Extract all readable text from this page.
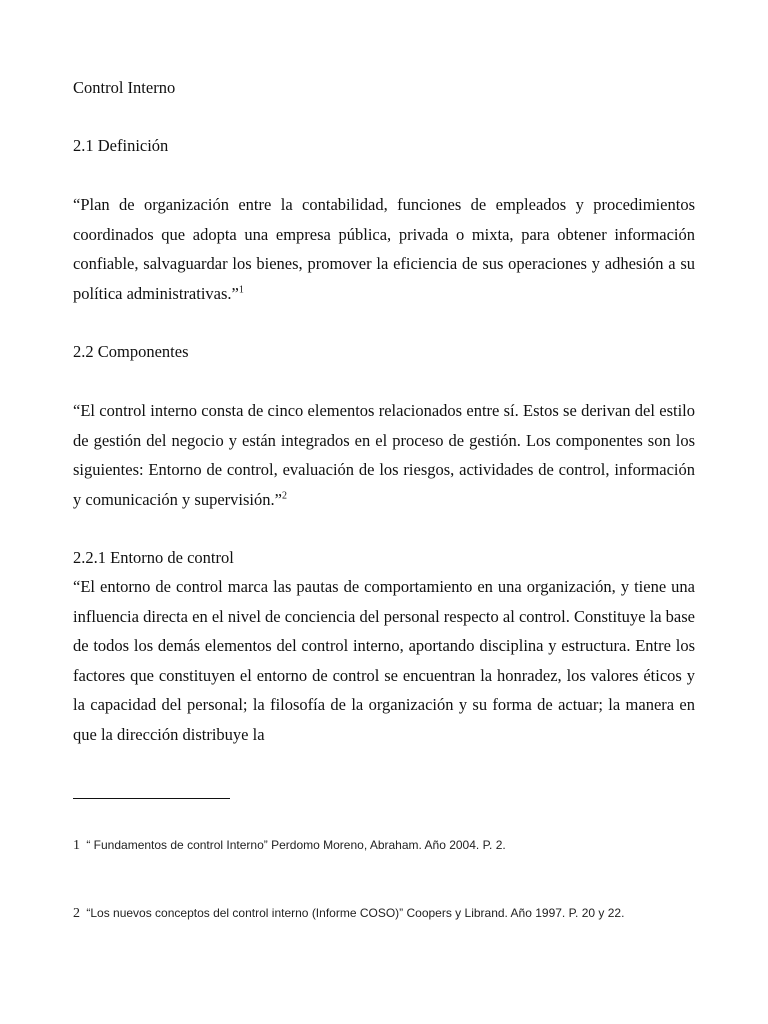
Control Interno

2.1 Definición

“Plan de organización entre la contabilidad, funciones de empleados y procedimientos coordinados que adopta una empresa pública, privada o mixta, para obtener información confiable, salvaguardar los bienes, promover la eficiencia de sus operaciones y adhesión a su política administrativas.”$^1$

2.2 Componentes

“El control interno consta de cinco elementos relacionados entre sí. Estos se derivan del estilo de gestión del negocio y están integrados en el proceso de gestión. Los componentes son los siguientes: Entorno de control, evaluación de los riesgos, actividades de control, información y comunicación y supervisión.”$^2$

2.2.1 Entorno de control

“El entorno de control marca las pautas de comportamiento en una organización, y tiene una influencia directa en el nivel de conciencia del personal respecto al control. Constituye la base de todos los demás elementos del control interno, aportando disciplina y estructura. Entre los factores que constituyen el entorno de control se encuentran la honradez, los valores éticos y la capacidad del personal; la filosofía de la organización y su forma de actuar; la manera en que la dirección distribuye la

1 “ Fundamentos de control Interno” Perdomo Moreno, Abraham. Año 2004. P. 2.
2 “Los nuevos conceptos del control interno (Informe COSO)” Coopers y Librand. Año 1997. P. 20 y 22.
